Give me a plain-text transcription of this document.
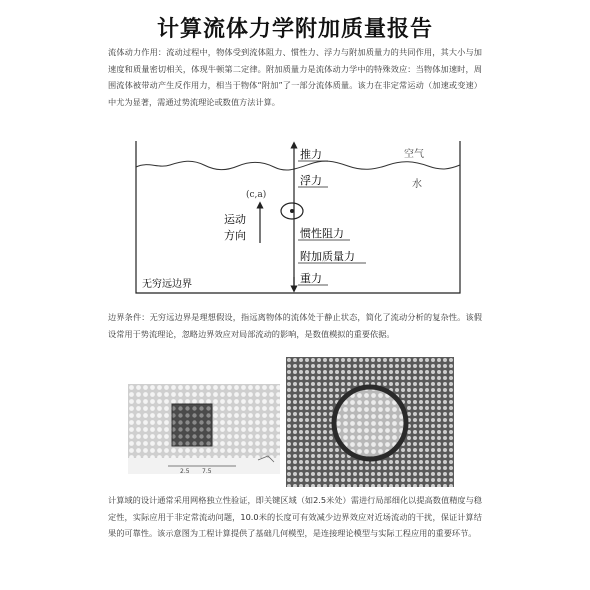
计算流体力学附加质量报告
流体动力作用：流动过程中，物体受到流体阻力、惯性力、浮力与附加质量力的共同作用，其大小与加速度和质量密切相关，体现牛顿第二定律。附加质量力是流体动力学中的特殊效应：当物体加速时，周围流体被带动产生反作用力，相当于物体“附加”了一部分流体质量。该力在非定常运动（加速或变速）中尤为显著，需通过势流理论或数值方法计算。
推力
浮力
惯性阻力
附加质量力
重力
空气
水
(c,a)
运动
方向
无穷远边界
边界条件：无穷远边界是理想假设，指远离物体的流体处于静止状态，简化了流动分析的复杂性。该假设常用于势流理论，忽略边界效应对局部流动的影响，是数值模拟的重要依据。
2.5 7.5
计算域的设计通常采用网格独立性验证，即关键区域（如2.5米处）需进行局部细化以提高数值精度与稳定性，实际应用于非定常流动问题，10.0米的长度可有效减少边界效应对近场流动的干扰，保证计算结果的可靠性。该示意图为工程计算提供了基础几何模型，是连接理论模型与实际工程应用的重要环节。
